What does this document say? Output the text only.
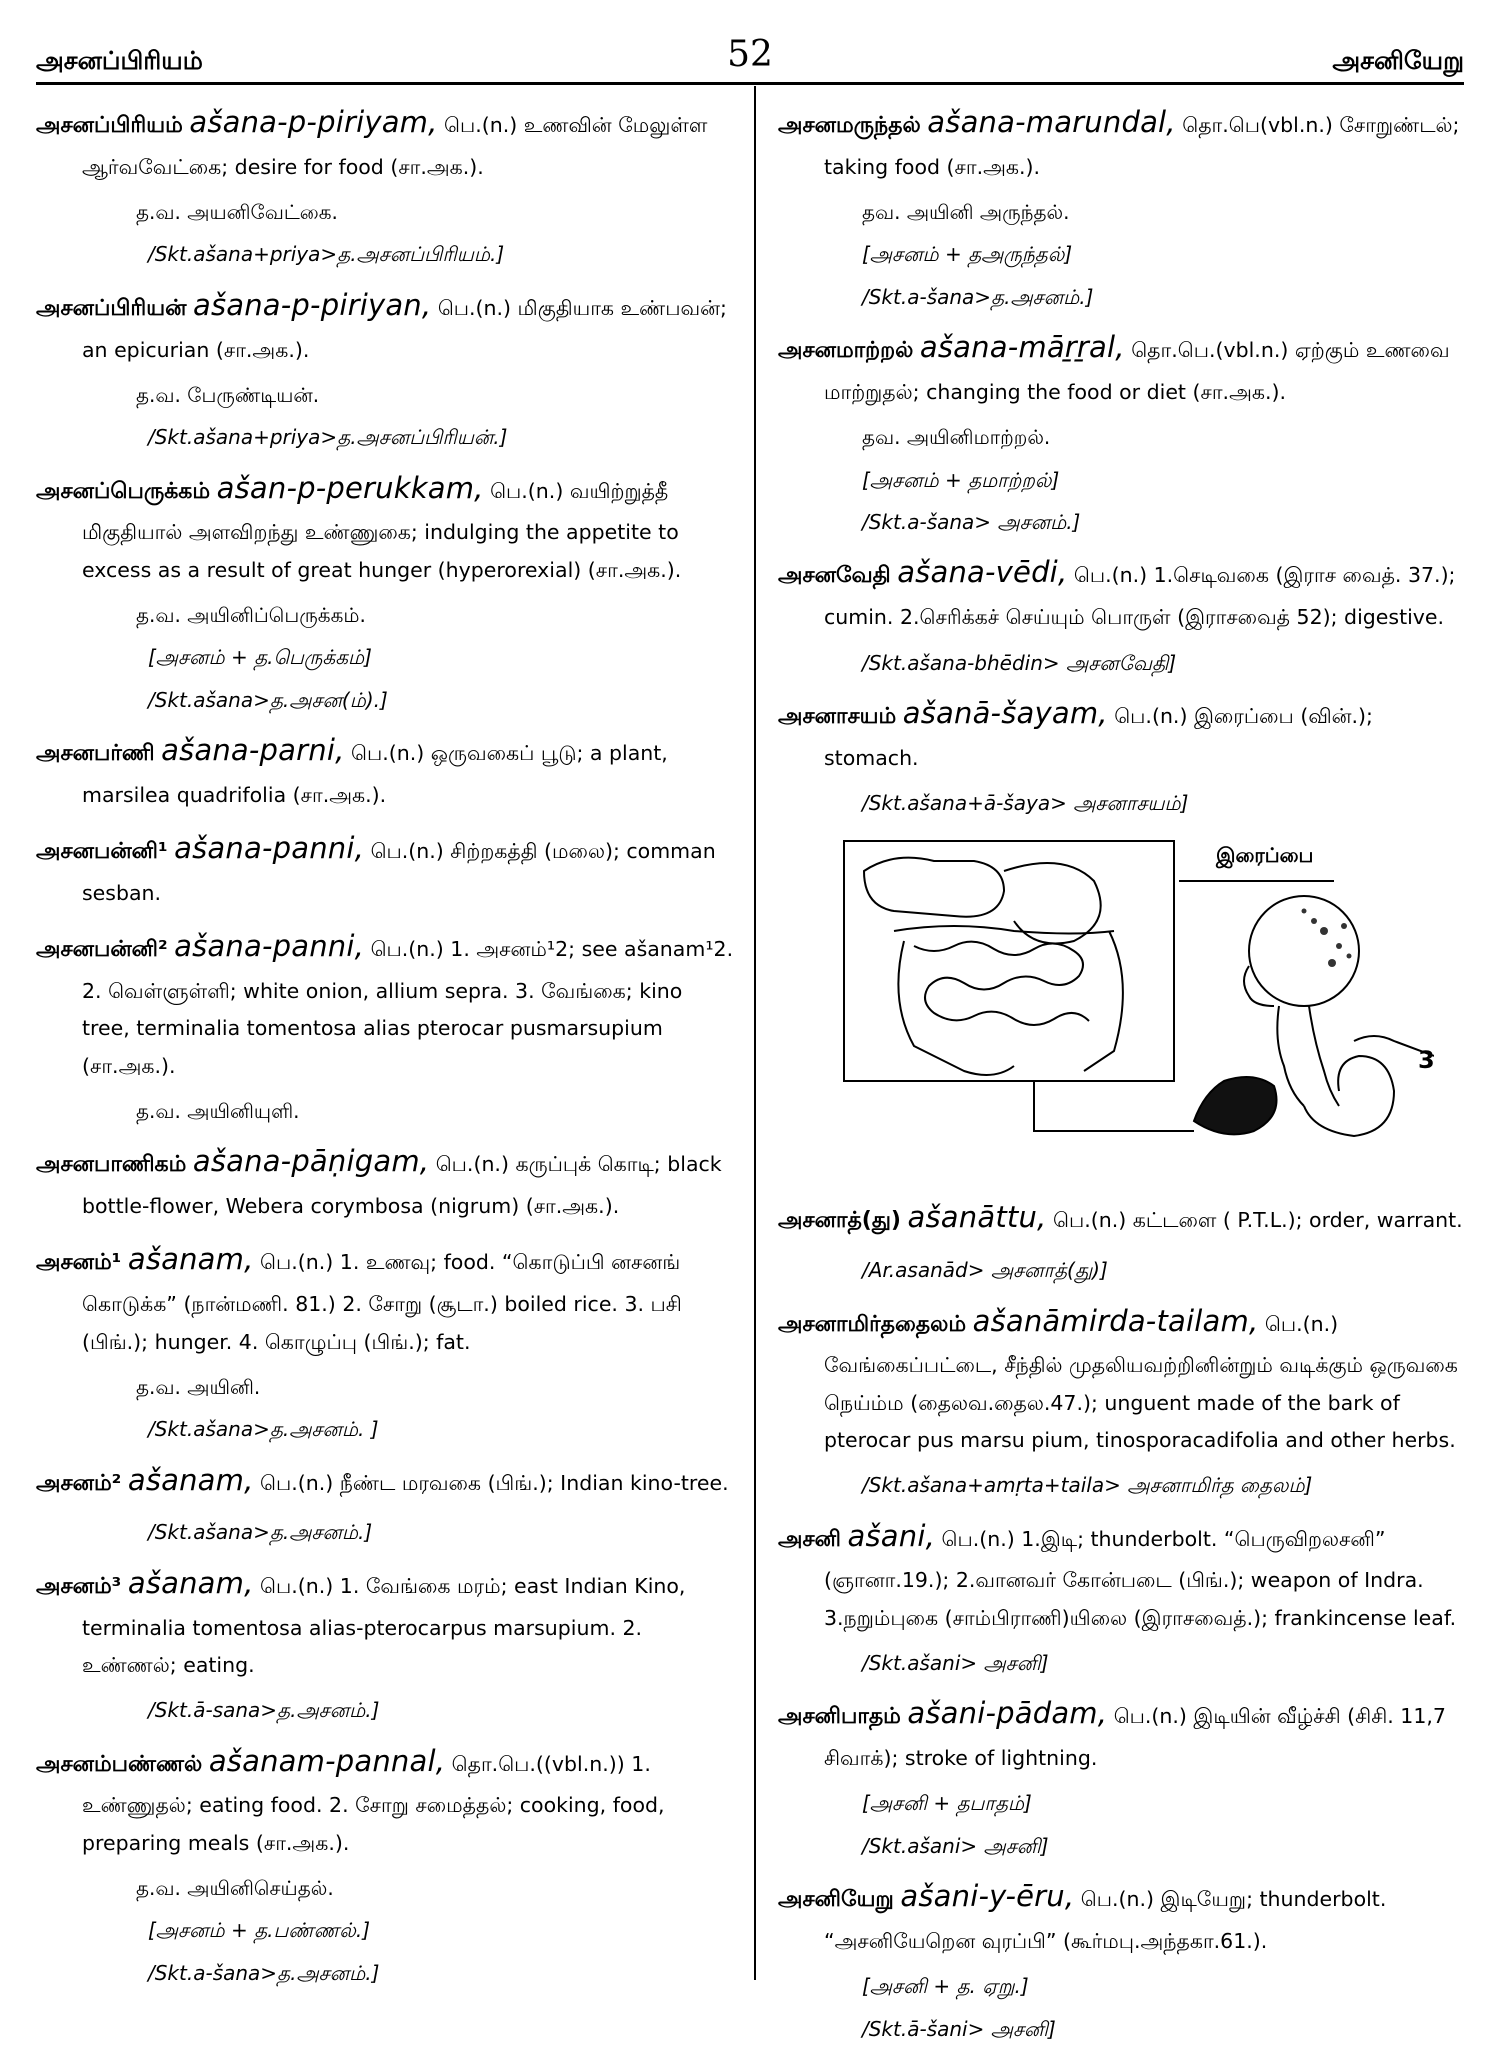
அசனப்பிரியம்	52	அசனியேறு
அசனப்பிரியம் ašana-p-piriyam, பெ.(n.) உணவின் மேலுள்ள ஆர்வவேட்கை; desire for food (சா.அக.).
த.வ. அயனிவேட்கை.
/Skt.ašana+priya>த.அசனப்பிரியம்.]
அசனப்பிரியன் ašana-p-piriyan, பெ.(n.) மிகுதியாக உண்பவன்; an epicurian (சா.அக.).
த.வ. பேருண்டியன்.
/Skt.ašana+priya>த.அசனப்பிரியன்.]
அசனப்பெருக்கம் ašan-p-perukkam, பெ.(n.) வயிற்றுத்தீ மிகுதியால் அளவிறந்து உண்ணுகை; indulging the appetite to excess as a result of great hunger (hyperorexial) (சா.அக.).
த.வ. அயினிப்பெருக்கம்.
[அசனம் + த.பெருக்கம்]
/Skt.ašana>த.அசன(ம்).]
அசனபர்ணி ašana-parni, பெ.(n.) ஒருவகைப் பூடு; a plant, marsilea quadrifolia (சா.அக.).
அசனபன்னி¹ ašana-panni, பெ.(n.) சிற்றகத்தி (மலை); comman sesban.
அசனபன்னி² ašana-panni, பெ.(n.) 1. அசனம்¹2; see ašanam¹2. 2. வெள்ளுள்ளி; white onion, allium sepra. 3. வேங்கை; kino tree, terminalia tomentosa alias pterocar pusmarsupium (சா.அக.).
த.வ. அயினியுளி.
அசனபாணிகம் ašana-pāṇigam, பெ.(n.) கருப்புக் கொடி; black bottle-flower, Webera corymbosa (nigrum) (சா.அக.).
அசனம்¹ ašanam, பெ.(n.) 1. உணவு; food. “கொடுப்பி னசனங் கொடுக்க” (நான்மணி. 81.) 2. சோறு (சூடா.) boiled rice. 3. பசி (பிங்.); hunger. 4. கொழுப்பு (பிங்.); fat.
த.வ. அயினி.
/Skt.ašana>த.அசனம். ]
அசனம்² ašanam, பெ.(n.) நீண்ட மரவகை (பிங்.); Indian kino-tree.
/Skt.ašana>த.அசனம்.]
அசனம்³ ašanam, பெ.(n.) 1. வேங்கை மரம்; east Indian Kino, terminalia tomentosa alias-pterocarpus marsupium. 2. உண்ணல்; eating.
/Skt.ā-sana>த.அசனம்.]
அசனம்பண்ணல் ašanam-pannal, தொ.பெ.((vbl.n.)) 1. உண்ணுதல்; eating food. 2. சோறு சமைத்தல்; cooking, food, preparing meals (சா.அக.).
த.வ. அயினிசெய்தல்.
[அசனம் + த.பண்ணல்.]
/Skt.a-šana>த.அசனம்.]
அசனமருந்தல் ašana-marundal, தொ.பெ(vbl.n.) சோறுண்டல்; taking food (சா.அக.).
தவ. அயினி அருந்தல்.
[அசனம் + தஅருந்தல்]
/Skt.a-šana>த.அசனம்.]
அசனமாற்றல் ašana-māṟṟal, தொ.பெ.(vbl.n.) ஏற்கும் உணவை மாற்றுதல்; changing the food or diet (சா.அக.).
தவ. அயினிமாற்றல்.
[அசனம் + தமாற்றல்]
/Skt.a-šana> அசனம்.]
அசனவேதி ašana-vēdi, பெ.(n.) 1.செடிவகை (இராச வைத். 37.); cumin. 2.செரிக்கச் செய்யும் பொருள் (இராசவைத் 52); digestive.
/Skt.ašana-bhēdin> அசனவேதி]
அசனாசயம் ašanā-šayam, பெ.(n.) இரைப்பை (வின்.); stomach.
/Skt.ašana+ā-šaya> அசனாசயம்]
இரைப்பை
3
அசனாத்(து) ašanāttu, பெ.(n.) கட்டளை ( P.T.L.); order, warrant.
/Ar.asanād> அசனாத்(து)]
அசனாமிர்ததைலம் ašanāmirda-tailam, பெ.(n.) வேங்கைப்பட்டை, சீந்தில் முதலியவற்றினின்றும் வடிக்கும் ஒருவகை நெய்ம்ம (தைலவ.தைல.47.); unguent made of the bark of pterocar pus marsu pium, tinosporacadifolia and other herbs.
/Skt.ašana+amṛta+taila> அசனாமிர்த தைலம்]
அசனி ašani, பெ.(n.) 1.இடி; thunderbolt. “பெருவிறலசனி” (ஞானா.19.); 2.வானவர் கோன்படை (பிங்.); weapon of Indra. 3.நறும்புகை (சாம்பிராணி)யிலை (இராசவைத்.); frankincense leaf.
/Skt.ašani> அசனி]
அசனிபாதம் ašani-pādam, பெ.(n.) இடியின் வீழ்ச்சி (சிசி. 11,7 சிவாக்); stroke of lightning.
[அசனி + தபாதம்]
/Skt.ašani> அசனி]
அசனியேறு ašani-y-ēru, பெ.(n.) இடியேறு; thunderbolt. “அசனியேறென வுரப்பி” (கூர்மபு.அந்தகா.61.).
[அசனி + த. ஏறு.]
/Skt.ā-šani> அசனி]
